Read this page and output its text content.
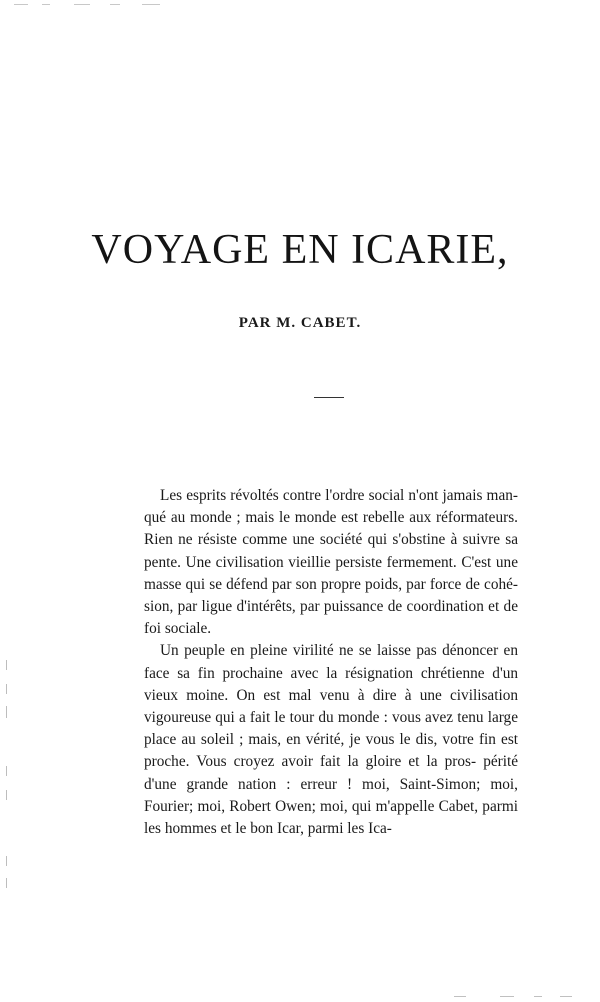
VOYAGE EN ICARIE,
PAR M. CABET.

Les esprits révoltés contre l'ordre social n'ont jamais man- qué au monde ; mais le monde est rebelle aux réformateurs. Rien ne résiste comme une société qui s'obstine à suivre sa pente. Une civilisation vieillie persiste fermement. C'est une masse qui se défend par son propre poids, par force de cohé- sion, par ligue d'intérêts, par puissance de coordination et de foi sociale.

Un peuple en pleine virilité ne se laisse pas dénoncer en face sa fin prochaine avec la résignation chrétienne d'un vieux moine. On est mal venu à dire à une civilisation vigoureuse qui a fait le tour du monde : vous avez tenu large place au soleil ; mais, en vérité, je vous le dis, votre fin est proche. Vous croyez avoir fait la gloire et la pros- périté d'une grande nation : erreur ! moi, Saint-Simon; moi, Fourier; moi, Robert Owen; moi, qui m'appelle Cabet, parmi les hommes et le bon Icar, parmi les Ica-
